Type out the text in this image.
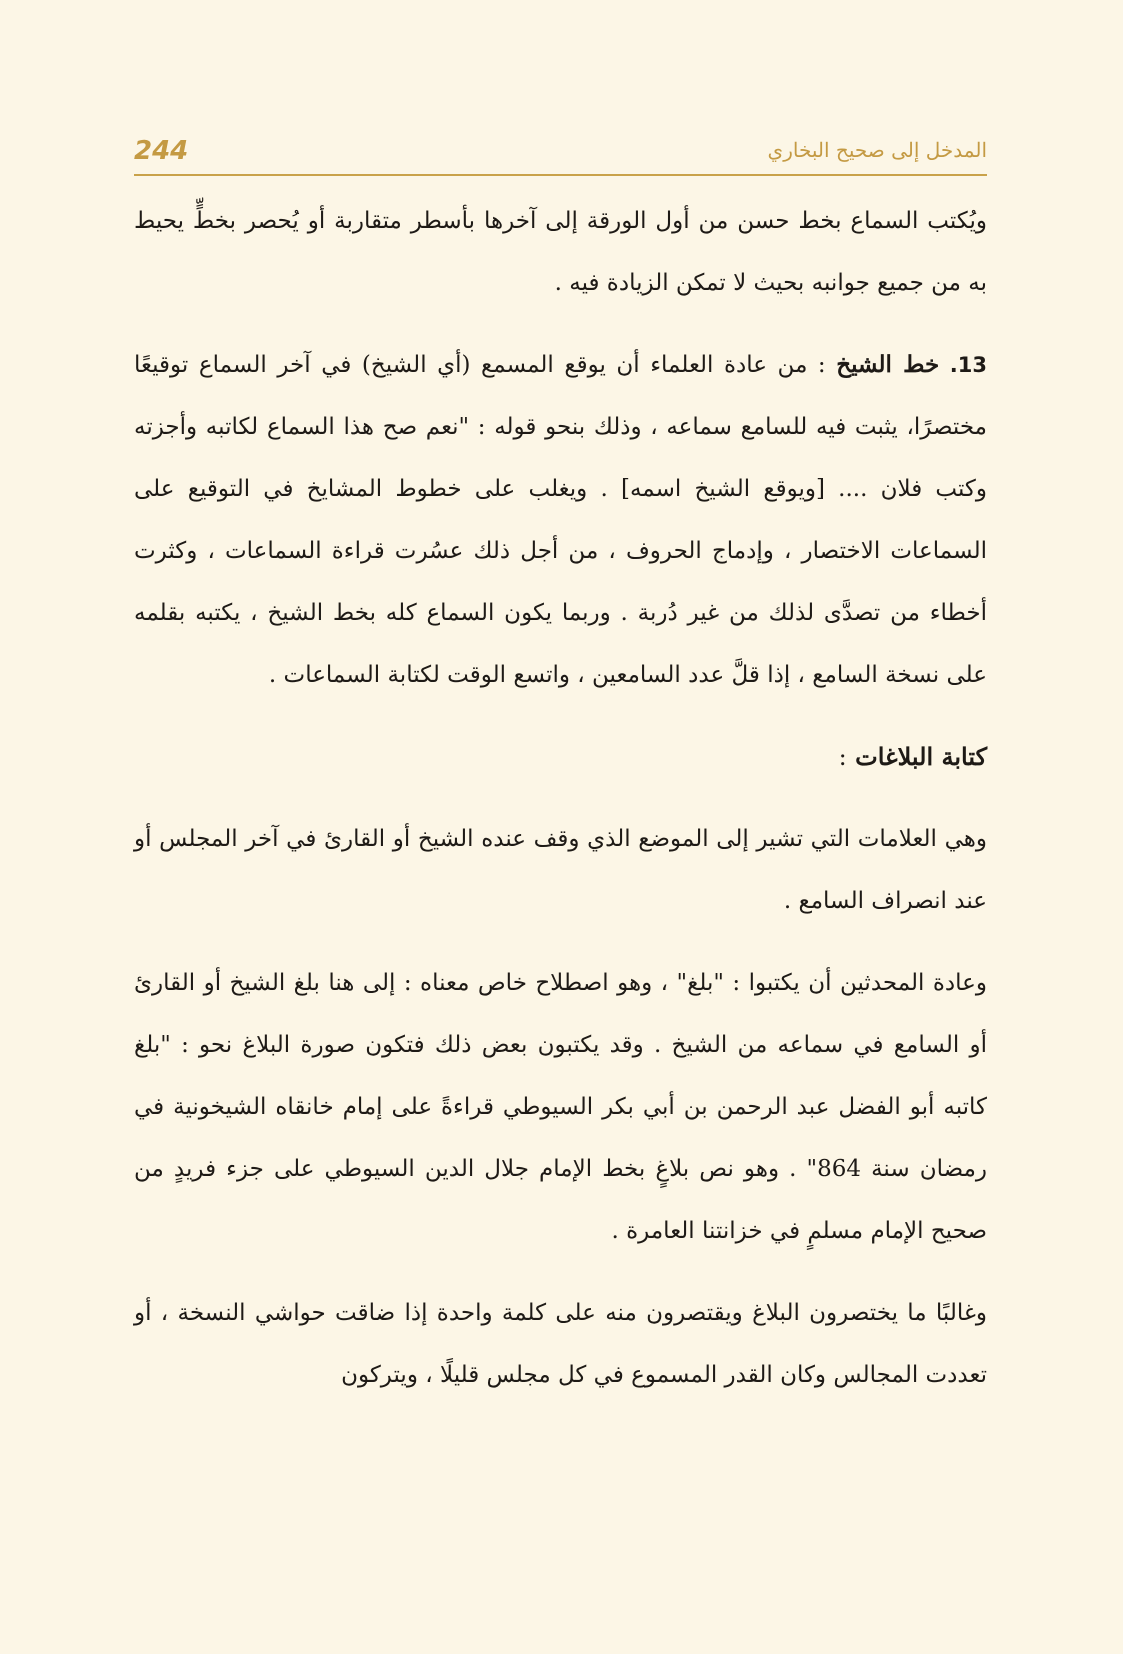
244	المدخل إلى صحيح البخاري

ويُكتب السماع بخط حسن من أول الورقة إلى آخرها بأسطر متقاربة أو يُحصر بخطٍّ يحيط به من جميع جوانبه بحيث لا تمكن الزيادة فيه .

13. خط الشيخ : من عادة العلماء أن يوقع المسمع (أي الشيخ) في آخر السماع توقيعًا مختصرًا، يثبت فيه للسامع سماعه ، وذلك بنحو قوله : "نعم صح هذا السماع لكاتبه وأجزته وكتب فلان .... [ويوقع الشيخ اسمه] . ويغلب على خطوط المشايخ في التوقيع على السماعات الاختصار ، وإدماج الحروف ، من أجل ذلك عسُرت قراءة السماعات ، وكثرت أخطاء من تصدَّى لذلك من غير دُربة . وربما يكون السماع كله بخط الشيخ ، يكتبه بقلمه على نسخة السامع ، إذا قلَّ عدد السامعين ، واتسع الوقت لكتابة السماعات .

كتابة البلاغات :

وهي العلامات التي تشير إلى الموضع الذي وقف عنده الشيخ أو القارئ في آخر المجلس أو عند انصراف السامع .

وعادة المحدثين أن يكتبوا : "بلغ" ، وهو اصطلاح خاص معناه : إلى هنا بلغ الشيخ أو القارئ أو السامع في سماعه من الشيخ . وقد يكتبون بعض ذلك فتكون صورة البلاغ نحو : "بلغ كاتبه أبو الفضل عبد الرحمن بن أبي بكر السيوطي قراءةً على إمام خانقاه الشيخونية في رمضان سنة 864" . وهو نص بلاغٍ بخط الإمام جلال الدين السيوطي على جزء فريدٍ من صحيح الإمام مسلمٍ في خزانتنا العامرة .

وغالبًا ما يختصرون البلاغ ويقتصرون منه على كلمة واحدة إذا ضاقت حواشي النسخة ، أو تعددت المجالس وكان القدر المسموع في كل مجلس قليلًا ، ويتركون
